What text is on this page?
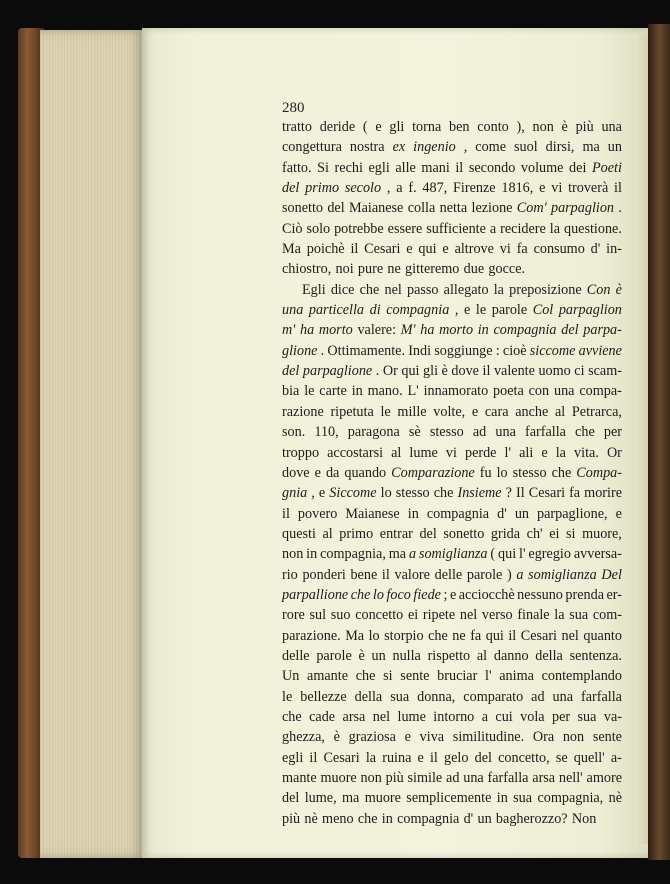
280
tratto deride ( e gli torna ben conto ), non è più una
congettura nostra ex ingenio , come suol dirsi, ma un
fatto. Si rechi egli alle mani il secondo volume dei Poeti
del primo secolo , a f. 487, Firenze 1816, e vi troverà il
sonetto del Maianese colla netta lezione Com' parpaglion .
Ciò solo potrebbe essere sufficiente a recidere la questione.
Ma poichè il Cesari e qui e altrove vi fa consumo d' in-
chiostro, noi pure ne gitteremo due gocce.
Egli dice che nel passo allegato la preposizione Con è
una particella di compagnia , e le parole Col parpaglion
m' ha morto valere: M' ha morto in compagnia del parpa-
glione . Ottimamente. Indi soggiunge : cioè siccome avviene
del parpaglione . Or qui gli è dove il valente uomo ci scam-
bia le carte in mano. L' innamorato poeta con una compa-
razione ripetuta le mille volte, e cara anche al Petrarca,
son. 110, paragona sè stesso ad una farfalla che per
troppo accostarsi al lume vi perde l' ali e la vita. Or
dove e da quando Comparazione fu lo stesso che Compa-
gnia , e Siccome lo stesso che Insieme ? Il Cesari fa morire
il povero Maianese in compagnia d' un parpaglione, e
questi al primo entrar del sonetto grida ch' ei si muore,
non in compagnia, ma a somiglianza ( qui l' egregio avversa-
rio ponderi bene il valore delle parole ) a somiglianza Del
parpallione che lo foco fiede ; e acciocchè nessuno prenda er-
rore sul suo concetto ei ripete nel verso finale la sua com-
parazione. Ma lo storpio che ne fa qui il Cesari nel quanto
delle parole è un nulla rispetto al danno della sentenza.
Un amante che si sente bruciar l' anima contemplando
le bellezze della sua donna, comparato ad una farfalla
che cade arsa nel lume intorno a cui vola per sua va-
ghezza, è graziosa e viva similitudine. Ora non sente
egli il Cesari la ruina e il gelo del concetto, se quell' a-
mante muore non più simile ad una farfalla arsa nell' amore
del lume, ma muore semplicemente in sua compagnia, nè
più nè meno che in compagnia d' un bagherozzo? Non
